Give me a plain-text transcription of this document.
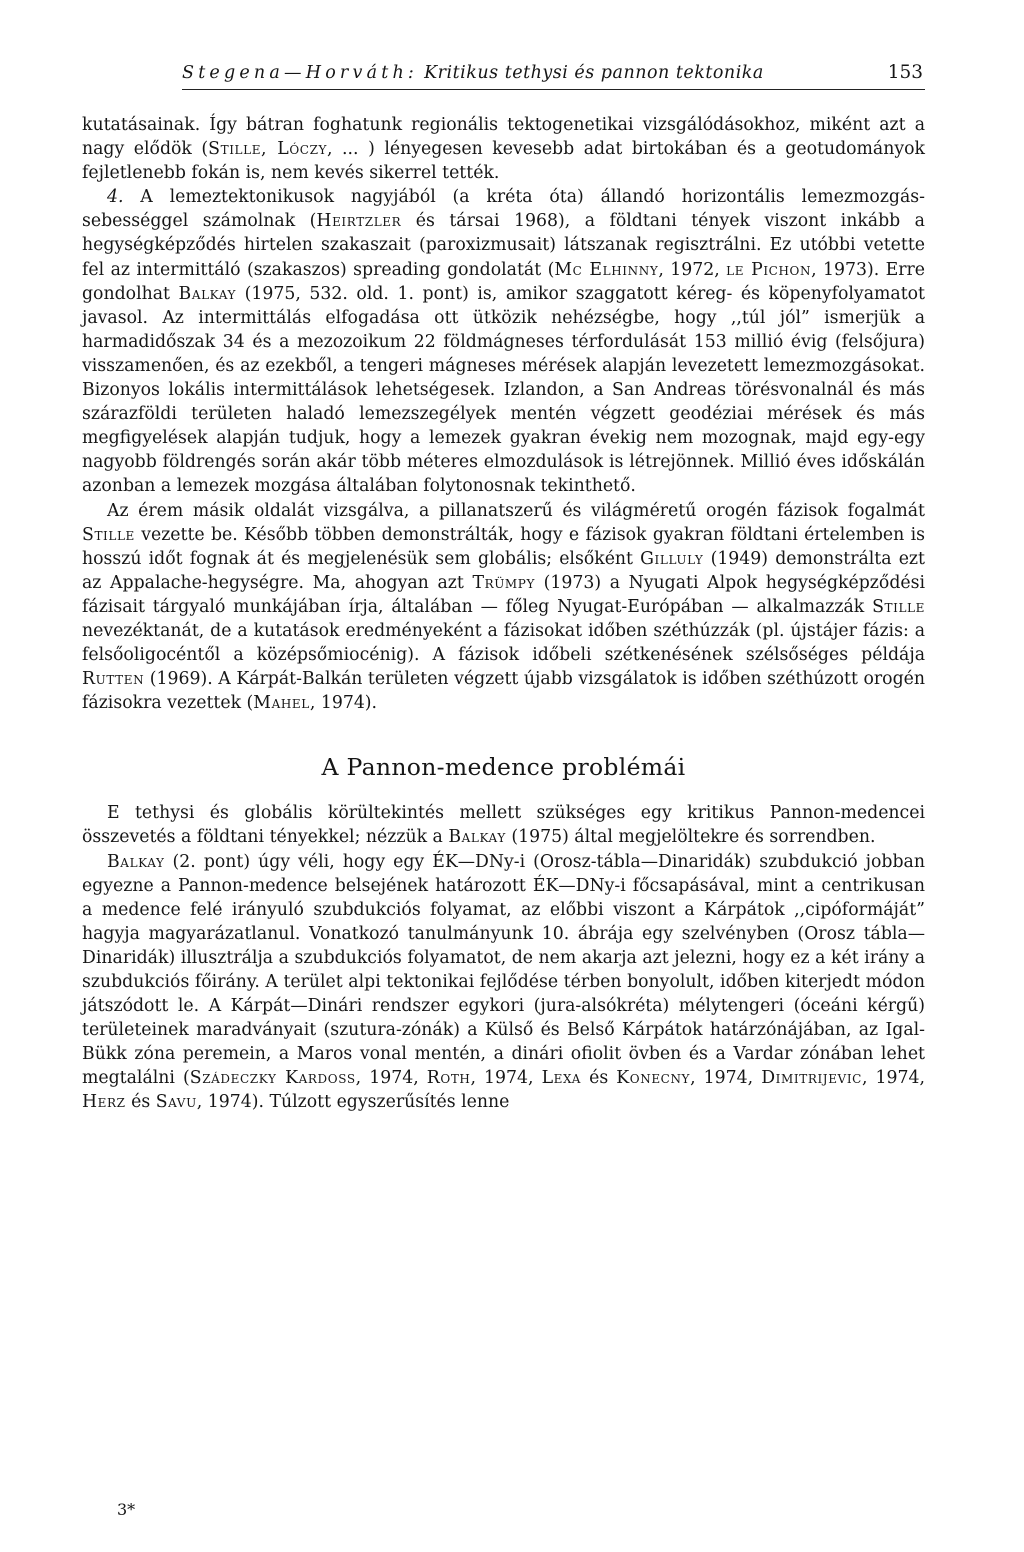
Stegena—Horváth: Kritikus tethysi és pannon tektonika	153

kutatásainak. Így bátran foghatunk regionális tektogenetikai vizsgálódásokhoz, miként azt a nagy elődök (Stille, Lóczy, ... ) lényegesen kevesebb adat birtokában és a geotudományok fejletlenebb fokán is, nem kevés sikerrel tették.

4. A lemeztektonikusok nagyjából (a kréta óta) állandó horizontális lemezmozgás-sebességgel számolnak (Heirtzler és társai 1968), a földtani tények viszont inkább a hegységképződés hirtelen szakaszait (paroxizmusait) látszanak regisztrálni. Ez utóbbi vetette fel az intermittáló (szakaszos) spreading gondolatát (Mc Elhinny, 1972, le Pichon, 1973). Erre gondolhat Balkay (1975, 532. old. 1. pont) is, amikor szaggatott kéreg- és köpenyfolyamatot javasol. Az intermittálás elfogadása ott ütközik nehézségbe, hogy ,,túl jól” ismerjük a harmadidőszak 34 és a mezozoikum 22 földmágneses térfordulását 153 millió évig (felsőjura) visszamenően, és az ezekből, a tengeri mágneses mérések alapján levezetett lemezmozgásokat. Bizonyos lokális intermittálások lehetségesek. Izlandon, a San Andreas törésvonalnál és más szárazföldi területen haladó lemezszegélyek mentén végzett geodéziai mérések és más megfigyelések alapján tudjuk, hogy a lemezek gyakran évekig nem mozognak, majd egy-egy nagyobb földrengés során akár több méteres elmozdulások is létrejönnek. Millió éves időskálán azonban a lemezek mozgása általában folytonosnak tekinthető.

Az érem másik oldalát vizsgálva, a pillanatszerű és világméretű orogén fázisok fogalmát Stille vezette be. Később többen demonstrálták, hogy e fázisok gyakran földtani értelemben is hosszú időt fognak át és megjelenésük sem globális; elsőként Gilluly (1949) demonstrálta ezt az Appalache-hegységre. Ma, ahogyan azt Trümpy (1973) a Nyugati Alpok hegységképződési fázisait tárgyaló munkájában írja, általában — főleg Nyugat-Európában — alkalmazzák Stille nevezéktanát, de a kutatások eredményeként a fázisokat időben széthúzzák (pl. újstájer fázis: a felsőoligocéntől a középsőmiocénig). A fázisok időbeli szétkenésének szélsőséges példája Rutten (1969). A Kárpát-Balkán területen végzett újabb vizsgálatok is időben széthúzott orogén fázisokra vezettek (Mahel, 1974).

A Pannon-medence problémái

E tethysi és globális körültekintés mellett szükséges egy kritikus Pannon-medencei összevetés a földtani tényekkel; nézzük a Balkay (1975) által megjelöltekre és sorrendben.

Balkay (2. pont) úgy véli, hogy egy ÉK—DNy-i (Orosz-tábla—Dinaridák) szubdukció jobban egyezne a Pannon-medence belsejének határozott ÉK—DNy-i főcsapásával, mint a centrikusan a medence felé irányuló szubdukciós folyamat, az előbbi viszont a Kárpátok ,,cipóformáját” hagyja magyarázatlanul. Vonatkozó tanulmányunk 10. ábrája egy szelvényben (Orosz tábla—Dinaridák) illusztrálja a szubdukciós folyamatot, de nem akarja azt jelezni, hogy ez a két irány a szubdukciós főirány. A terület alpi tektonikai fejlődése térben bonyolult, időben kiterjedt módon játszódott le. A Kárpát—Dinári rendszer egykori (jura-alsókréta) mélytengeri (óceáni kérgű) területeinek maradványait (szutura-zónák) a Külső és Belső Kárpátok határzónájában, az Igal-Bükk zóna peremein, a Maros vonal mentén, a dinári ofiolit övben és a Vardar zónában lehet megtalálni (Szádeczky Kardoss, 1974, Roth, 1974, Lexa és Konecny, 1974, Dimitrijevic, 1974, Herz és Savu, 1974). Túlzott egyszerűsítés lenne

3*
